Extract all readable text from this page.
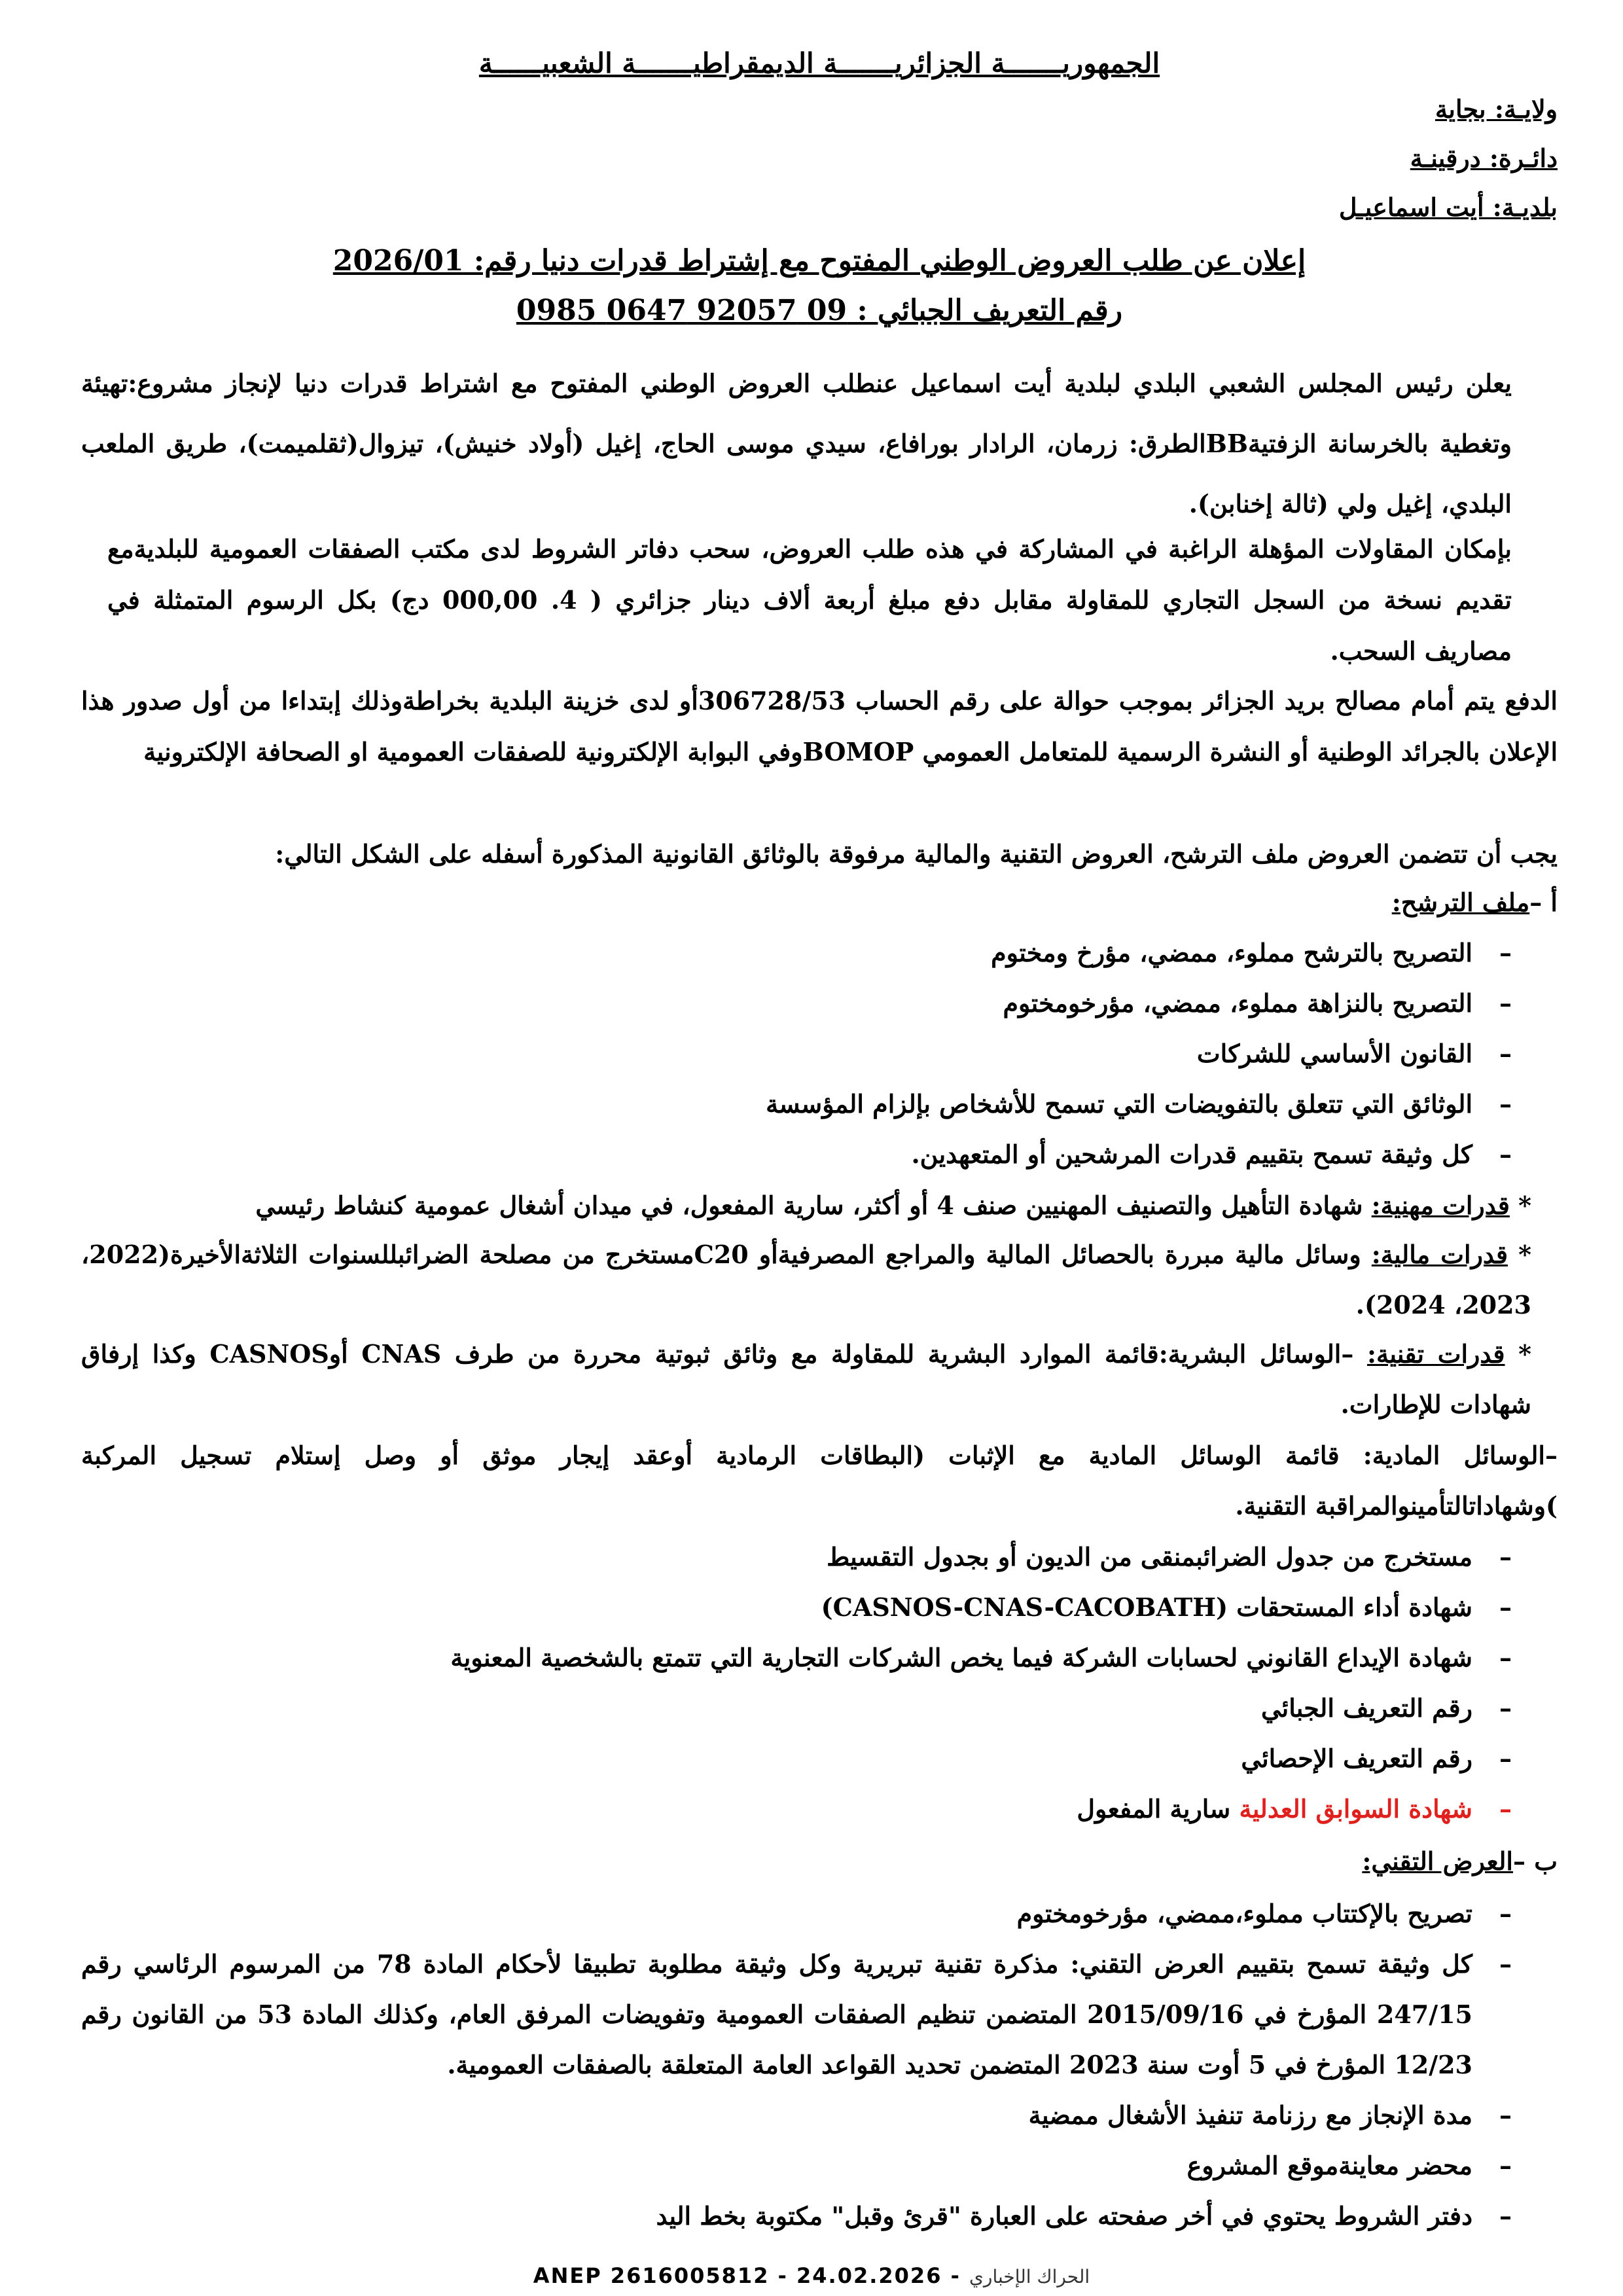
الجمهوريـــــــة الجزائريـــــــة الديمقراطيـــــــة الشعبيــــــة
ولايـة: بجاية
دائـرة: درقينـة
بلديـة: أيت اسماعيـل
إعلان عن طلب العروض الوطني المفتوح مع إشتراط قدرات دنيا رقم: 2026/01
رقم التعريف الجبائي : 09 92057 0647 0985
يعلن رئيس المجلس الشعبي البلدي لبلدية أيت اسماعيل عنطلب العروض الوطني المفتوح مع اشتراط قدرات دنيا لإنجاز مشروع:تهيئة وتغطية بالخرسانة الزفتيةBBالطرق: زرمان، الرادار بورافاع، سيدي موسى الحاج، إغيل (أولاد خنيش)، تيزوال(ثقلميمت)، طريق الملعب البلدي، إغيل ولي (ثالة إخنابن).
بإمكان المقاولات المؤهلة الراغبة في المشاركة في هذه طلب العروض، سحب دفاتر الشروط لدى مكتب الصفقات العمومية للبلديةمع تقديم نسخة من السجل التجاري للمقاولة مقابل دفع مبلغ أربعة ألاف دينار جزائري ( 4. 000,00 دج) بكل الرسوم المتمثلة في مصاريف السحب.
الدفع يتم أمام مصالح بريد الجزائر بموجب حوالة على رقم الحساب 306728/53أو لدى خزينة البلدية بخراطةوذلك إبتداءا من أول صدور هذا الإعلان بالجرائد الوطنية أو النشرة الرسمية للمتعامل العمومي BOMOPوفي البوابة الإلكترونية للصفقات العمومية او الصحافة الإلكترونية
يجب أن تتضمن العروض ملف الترشح، العروض التقنية والمالية مرفوقة بالوثائق القانونية المذكورة أسفله على الشكل التالي:
أ –ملف الترشح:
– التصريح بالترشح مملوء، ممضي، مؤرخ ومختوم
– التصريح بالنزاهة مملوء، ممضي، مؤرخومختوم
– القانون الأساسي للشركات
– الوثائق التي تتعلق بالتفويضات التي تسمح للأشخاص بإلزام المؤسسة
– كل وثيقة تسمح بتقييم قدرات المرشحين أو المتعهدين.
* قدرات مهنية: شهادة التأهيل والتصنيف المهنيين صنف 4 أو أكثر، سارية المفعول، في ميدان أشغال عمومية كنشاط رئيسي
* قدرات مالية: وسائل مالية مبررة بالحصائل المالية والمراجع المصرفيةأو C20مستخرج من مصلحة الضرائبللسنوات الثلاثةالأخيرة(2022، 2023، 2024).
* قدرات تقنية: –الوسائل البشرية:قائمة الموارد البشرية للمقاولة مع وثائق ثبوتية محررة من طرف CNAS أوCASNOS وكذا إرفاق شهادات للإطارات.
–الوسائل المادية: قائمة الوسائل المادية مع الإثبات (البطاقات الرمادية أوعقد إيجار موثق أو وصل إستلام تسجيل المركبة )وشهاداتالتأمينوالمراقبة التقنية.
– مستخرج من جدول الضرائبمنقى من الديون أو بجدول التقسيط
– شهادة أداء المستحقات (CASNOS-CNAS-CACOBATH)
– شهادة الإيداع القانوني لحسابات الشركة فيما يخص الشركات التجارية التي تتمتع بالشخصية المعنوية
– رقم التعريف الجبائي
– رقم التعريف الإحصائي
– شهادة السوابق العدلية سارية المفعول
ب –العرض التقني:
– تصريح بالإكتتاب مملوء،ممضي، مؤرخومختوم
– كل وثيقة تسمح بتقييم العرض التقني: مذكرة تقنية تبريرية وكل وثيقة مطلوبة تطبيقا لأحكام المادة 78 من المرسوم الرئاسي رقم 247/15 المؤرخ في 2015/09/16 المتضمن تنظيم الصفقات العمومية وتفويضات المرفق العام، وكذلك المادة 53 من القانون رقم 12/23 المؤرخ في 5 أوت سنة 2023 المتضمن تحديد القواعد العامة المتعلقة بالصفقات العمومية.
– مدة الإنجاز مع رزنامة تنفيذ الأشغال ممضية
– محضر معاينةموقع المشروع
– دفتر الشروط يحتوي في أخر صفحته على العبارة "قرئ وقبل" مكتوبة بخط اليد
ANEP 2616005812 - 24.02.2026 - الحراك الإخباري
